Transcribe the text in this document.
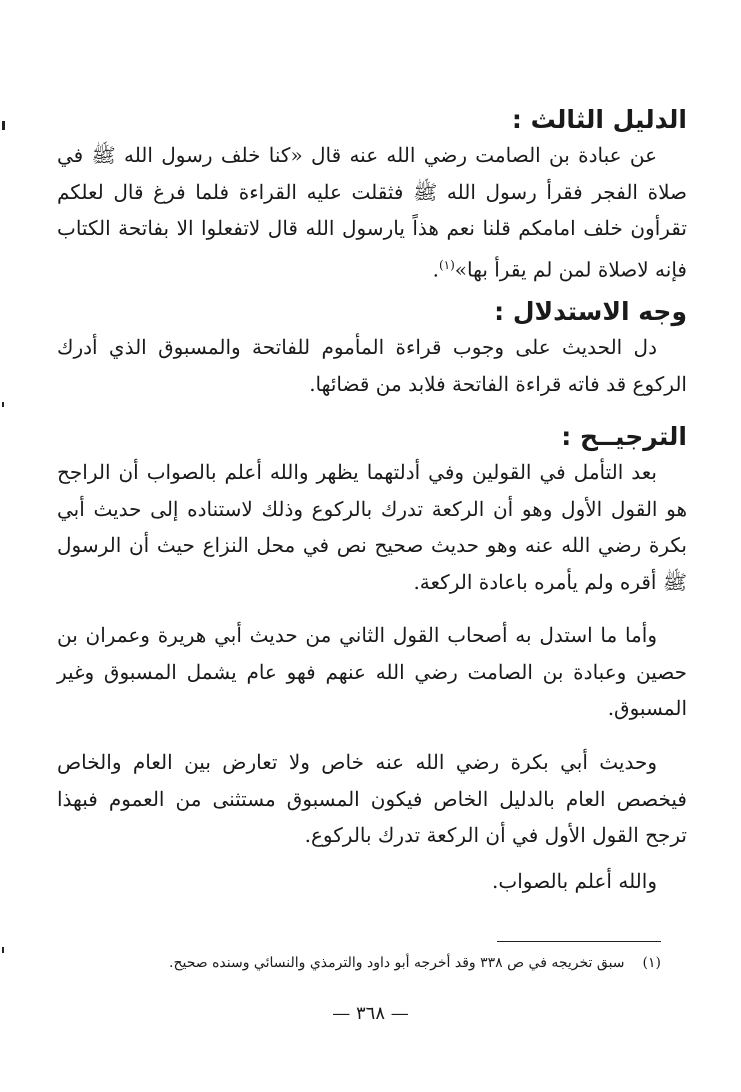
الدليل الثالث :

عن عبادة بن الصامت رضي الله عنه قال «كنا خلف رسول الله ﷺ في صلاة الفجر فقرأ رسول الله ﷺ فثقلت عليه القراءة فلما فرغ قال لعلكم تقرأون خلف امامكم قلنا نعم هذاً يارسول الله قال لاتفعلوا الا بفاتحة الكتاب فإنه لاصلاة لمن لم يقرأ بها»$^{(١)}$.

وجه الاستدلال :

دل الحديث على وجوب قراءة المأموم للفاتحة والمسبوق الذي أدرك الركوع قد فاته قراءة الفاتحة فلابد من قضائها.

الترجيــح :

بعد التأمل في القولين وفي أدلتهما يظهر والله أعلم بالصواب أن الراجح هو القول الأول وهو أن الركعة تدرك بالركوع وذلك لاستناده إلى حديث أبي بكرة رضي الله عنه وهو حديث صحيح نص في محل النزاع حيث أن الرسول ﷺ أقره ولم يأمره باعادة الركعة.

وأما ما استدل به أصحاب القول الثاني من حديث أبي هريرة وعمران بن حصين وعبادة بن الصامت رضي الله عنهم فهو عام يشمل المسبوق وغير المسبوق.

وحديث أبي بكرة رضي الله عنه خاص ولا تعارض بين العام والخاص فيخصص العام بالدليل الخاص فيكون المسبوق مستثنى من العموم فبهذا ترجح القول الأول في أن الركعة تدرك بالركوع.

والله أعلم بالصواب.

(١)سبق تخريجه في ص ٣٣٨ وقد أخرجه أبو داود والترمذي والنسائي وسنده صحيح.
— ٣٦٨ —
